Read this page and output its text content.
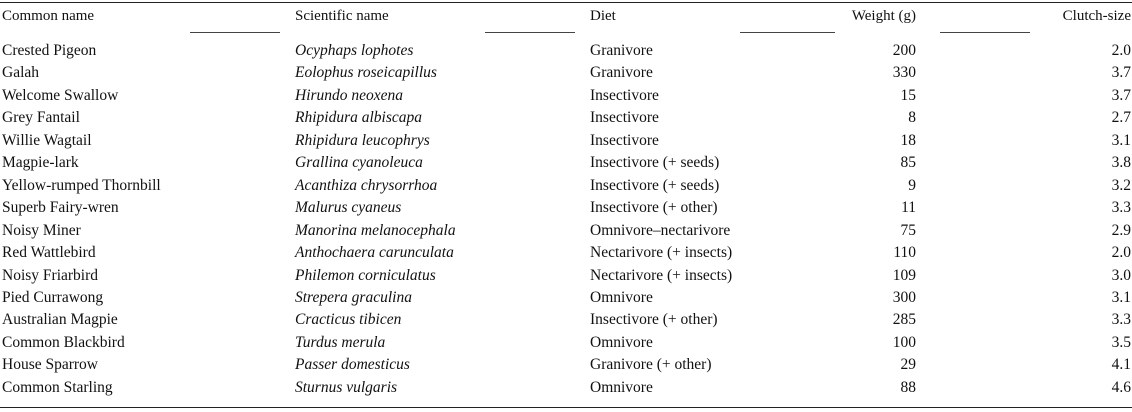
Common name	Scientific name	Diet	Weight (g)	Clutch-size
Crested Pigeon	Ocyphaps lophotes	Granivore	200	2.0
Galah	Eolophus roseicapillus	Granivore	330	3.7
Welcome Swallow	Hirundo neoxena	Insectivore	15	3.7
Grey Fantail	Rhipidura albiscapa	Insectivore	8	2.7
Willie Wagtail	Rhipidura leucophrys	Insectivore	18	3.1
Magpie-lark	Grallina cyanoleuca	Insectivore (+ seeds)	85	3.8
Yellow-rumped Thornbill	Acanthiza chrysorrhoa	Insectivore (+ seeds)	9	3.2
Superb Fairy-wren	Malurus cyaneus	Insectivore (+ other)	11	3.3
Noisy Miner	Manorina melanocephala	Omnivore–nectarivore	75	2.9
Red Wattlebird	Anthochaera carunculata	Nectarivore (+ insects)	110	2.0
Noisy Friarbird	Philemon corniculatus	Nectarivore (+ insects)	109	3.0
Pied Currawong	Strepera graculina	Omnivore	300	3.1
Australian Magpie	Cracticus tibicen	Insectivore (+ other)	285	3.3
Common Blackbird	Turdus merula	Omnivore	100	3.5
House Sparrow	Passer domesticus	Granivore (+ other)	29	4.1
Common Starling	Sturnus vulgaris	Omnivore	88	4.6
